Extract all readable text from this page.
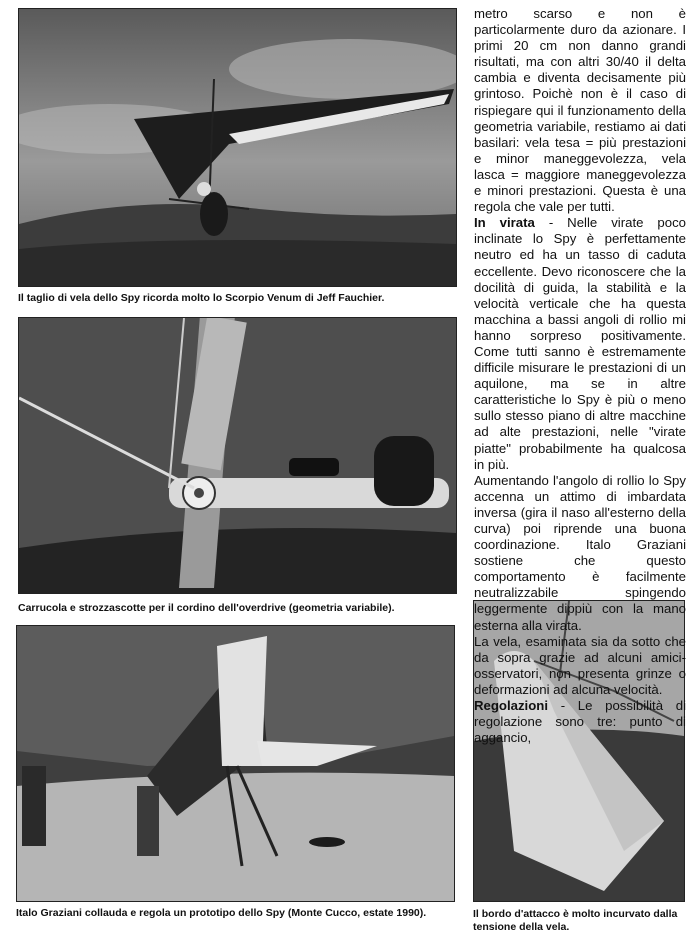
Il taglio di vela dello Spy ricorda molto lo Scorpio Venum di Jeff Fauchier.
Carrucola e strozzascotte per il cordino dell'overdrive (geometria variabile).
Italo Graziani collauda e regola un prototipo dello Spy (Monte Cucco, estate 1990).	Il bordo d'attacco è molto incurvato dalla tensione della vela.

metro scarso e non è particolarmente duro da azionare. I primi 20 cm non danno grandi risultati, ma con altri 30/40 il delta cambia e diventa decisamente più grintoso. Poichè non è il caso di rispiegare qui il funzionamento della geometria variabile, restiamo ai dati basilari: vela tesa = più prestazioni e minor maneggevolezza, vela lasca = maggiore maneggevolezza e minori prestazioni. Questa è una regola che vale per tutti.

In virata - Nelle virate poco inclinate lo Spy è perfettamente neutro ed ha un tasso di caduta eccellente. Devo riconoscere che la docilità di guida, la stabilità e la velocità verticale che ha questa macchina a bassi angoli di rollio mi hanno sorpreso positivamente. Come tutti sanno è estremamente difficile misurare le prestazioni di un aquilone, ma se in altre caratteristiche lo Spy è più o meno sullo stesso piano di altre macchine ad alte prestazioni, nelle "virate piatte" probabilmente ha qualcosa in più.

Aumentando l'angolo di rollio lo Spy accenna un attimo di imbardata inversa (gira il naso all'esterno della curva) poi riprende una buona coordinazione. Italo Graziani sostiene che questo comportamento è facilmente neutralizzabile spingendo leggermente dippiù con la mano esterna alla virata.

La vela, esaminata sia da sotto che da sopra grazie ad alcuni amici-osservatori, non presenta grinze o deformazioni ad alcuna velocità.

Regolazioni - Le possibilità di regolazione sono tre: punto di aggancio,
